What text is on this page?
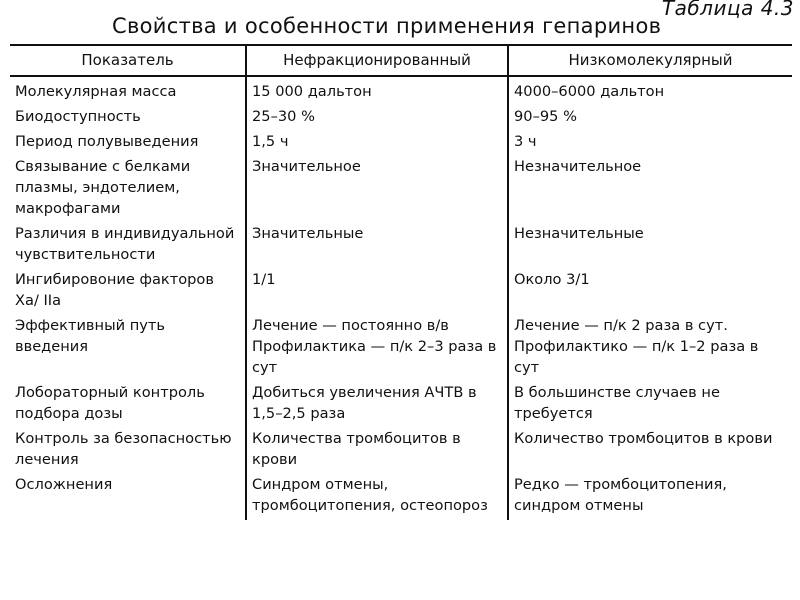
Таблица 4.3
Свойства и особенности применения гепаринов
Показатель	Нефракционированный	Низкомолекулярный
Молекулярная масса	15 000 дальтон	4000–6000 дальтон
Биодоступность	25–30 %	90–95 %
Период полувыведения	1,5 ч	3 ч
Связывание с белками плазмы, эндотелием, макрофагами	Значительное	Незначительное
Различия в индивидуальной чувствительности	Значительные	Незначительные
Ингибировоние факторов Xa/ IIa	1/1	Около 3/1
Эффективный путь введения	Лечение — постоянно в/в Профилактика — п/к 2–3 раза в сут	Лечение — п/к 2 раза в сут. Профилактико — п/к 1–2 раза в сут
Лобораторный контроль подбора дозы	Добиться увеличения АЧТВ в 1,5–2,5 раза	В большинстве случаев не требуется
Контроль за безопасностью лечения	Количества тромбоцитов в крови	Количество тромбоцитов в крови
Осложнения	Синдром отмены, тромбоцитопения, остеопороз	Редко — тромбоцитопения, синдром отмены
